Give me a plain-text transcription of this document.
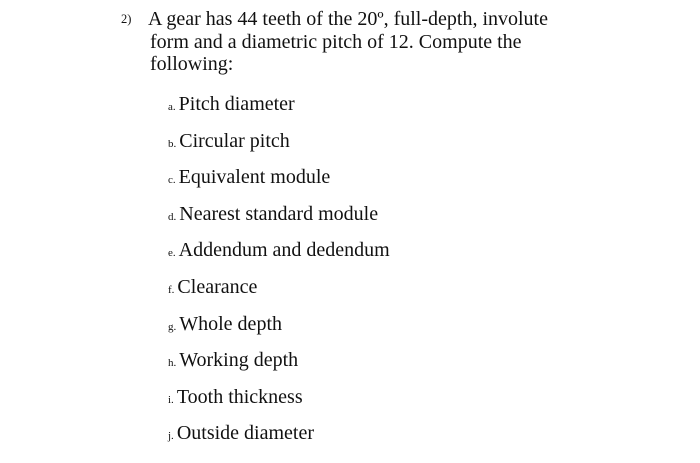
2) A gear has 44 teeth of the 20º, full-depth, involute
form and a diametric pitch of 12. Compute the
following:
a. Pitch diameter
b. Circular pitch
c. Equivalent module
d. Nearest standard module
e. Addendum and dedendum
f. Clearance
g. Whole depth
h. Working depth
i. Tooth thickness
j. Outside diameter
